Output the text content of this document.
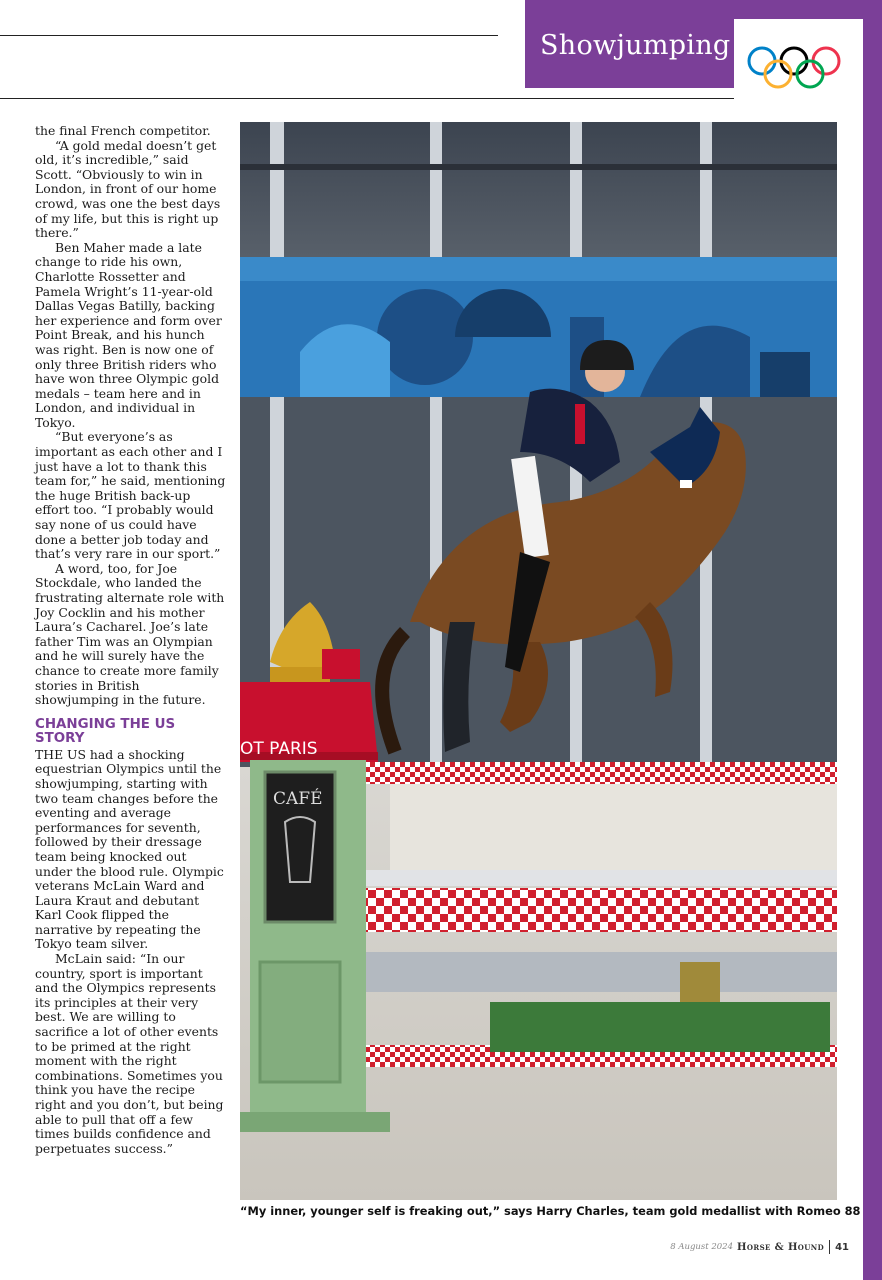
Showjumping

the final French competitor.

“A gold medal doesn’t get old, it’s incredible,” said Scott. “Obviously to win in London, in front of our home crowd, was one the best days of my life, but this is right up there.”

Ben Maher made a late change to ride his own, Charlotte Rossetter and Pamela Wright’s 11-year-old Dallas Vegas Batilly, backing her experience and form over Point Break, and his hunch was right. Ben is now one of only three British riders who have won three Olympic gold medals – team here and in London, and individual in Tokyo.

“But everyone’s as important as each other and I just have a lot to thank this team for,” he said, mentioning the huge British back-up effort too. “I probably would say none of us could have done a better job today and that’s very rare in our sport.”

A word, too, for Joe Stockdale, who landed the frustrating alternate role with Joy Cocklin and his mother Laura’s Cacharel. Joe’s late father Tim was an Olympian and he will surely have the chance to create more family stories in British showjumping in the future.

CHANGING THE US STORY

THE US had a shocking equestrian Olympics until the showjumping, starting with two team changes before the eventing and average performances for seventh, followed by their dressage team being knocked out under the blood rule. Olympic veterans McLain Ward and Laura Kraut and debutant Karl Cook flipped the narrative by repeating the Tokyo team silver.

McLain said: “In our country, sport is important and the Olympics represents its principles at their very best. We are willing to sacrifice a lot of other events to be primed at the right moment with the right combinations. Sometimes you think you have the recipe right and you don’t, but being able to pull that off a few times builds confidence and perpetuates success.”

OT PARIS
CAFÉ
“My inner, younger self is freaking out,” says Harry Charles, team gold medallist with Romeo 88
8 August 2024 Horse & Hound 41
